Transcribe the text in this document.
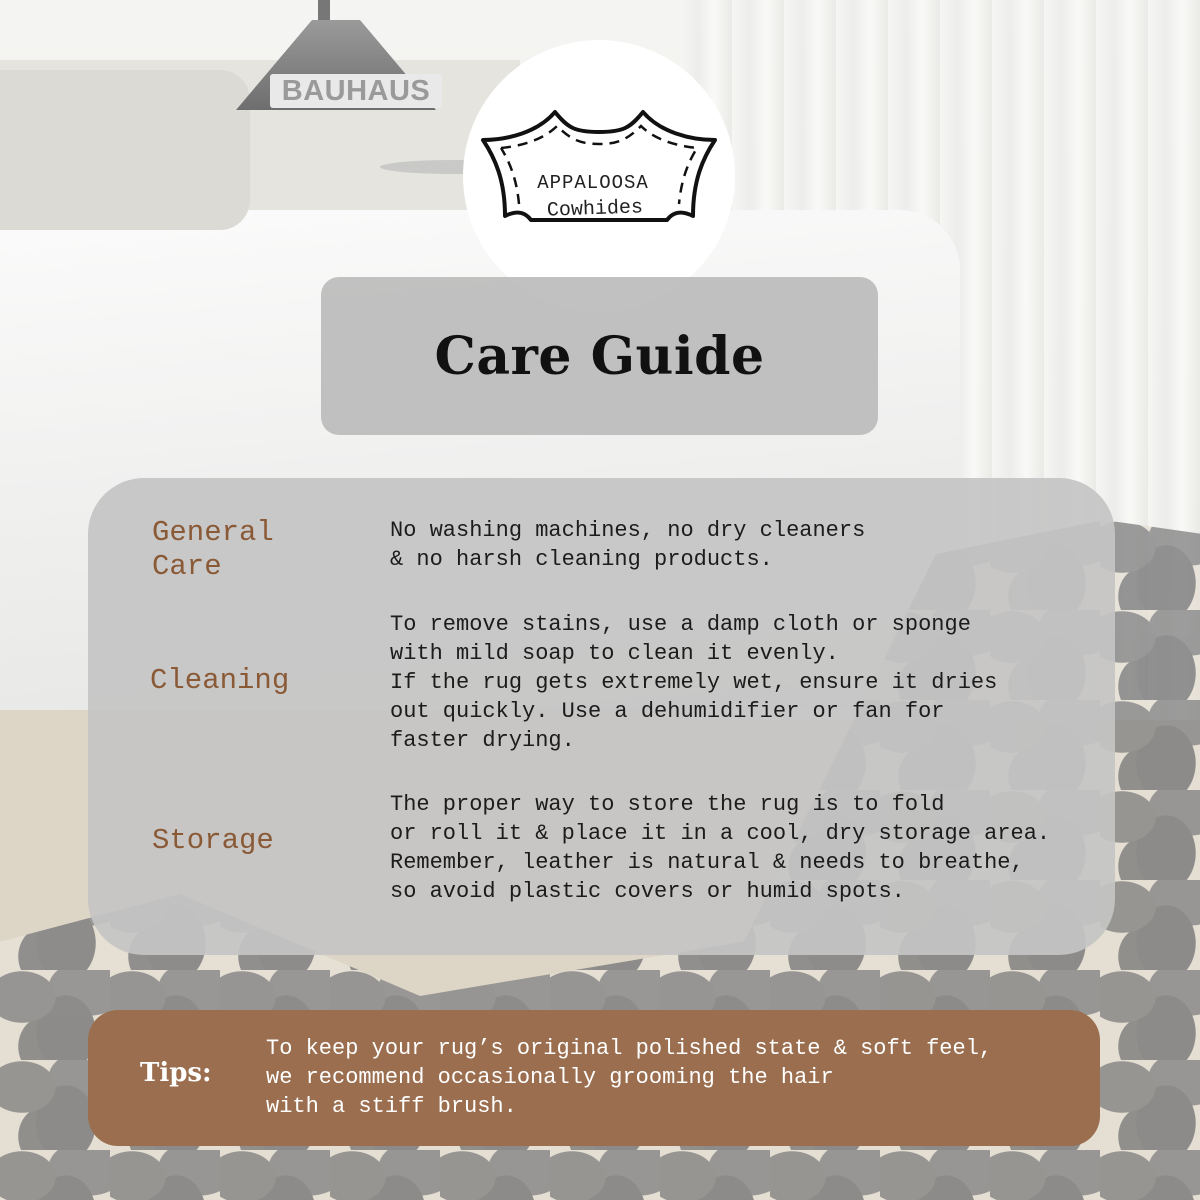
BAUHAUS
APPALOOSA
Cowhides
Care Guide
General
Care
No washing machines, no dry cleaners
& no harsh cleaning products.
Cleaning
To remove stains, use a damp cloth or sponge
with mild soap to clean it evenly.
If the rug gets extremely wet, ensure it dries
out quickly. Use a dehumidifier or fan for
faster drying.
Storage
The proper way to store the rug is to fold
or roll it & place it in a cool, dry storage area.
Remember, leather is natural & needs to breathe,
so avoid plastic covers or humid spots.
Tips:
To keep your rug’s original polished state & soft feel,
we recommend occasionally grooming the hair
with a stiff brush.
